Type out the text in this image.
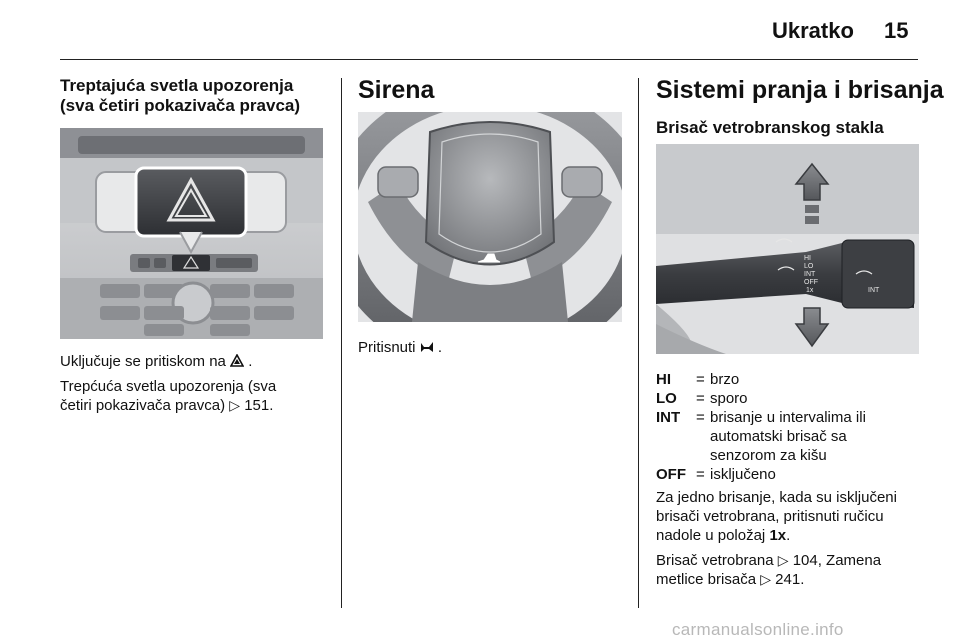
Ukratko 15

Treptajuća svetla upozorenja

(sva četiri pokazivača pravca)

Uključuje se pritiskom na .

Trepćuća svetla upozorenja (sva

četiri pokazivača pravca) ▷ 151.

Sirena

Pritisnuti .

Sistemi pranja i brisanja

Brisač vetrobranskog stakla

HI
LO
INT
OFF
1x	INT
HI	=	brzo
LO	=	sporo
INT	=	brisanje u intervalima ili
automatski brisač sa
senzorom za kišu

OFF	=	isključeno

Za jedno brisanje, kada su isključeni

brisači vetrobrana, pritisnuti ručicu

nadole u položaj 1x.

Brisač vetrobrana ▷ 104, Zamena

metlice brisača ▷ 241.

carmanualsonline.info
